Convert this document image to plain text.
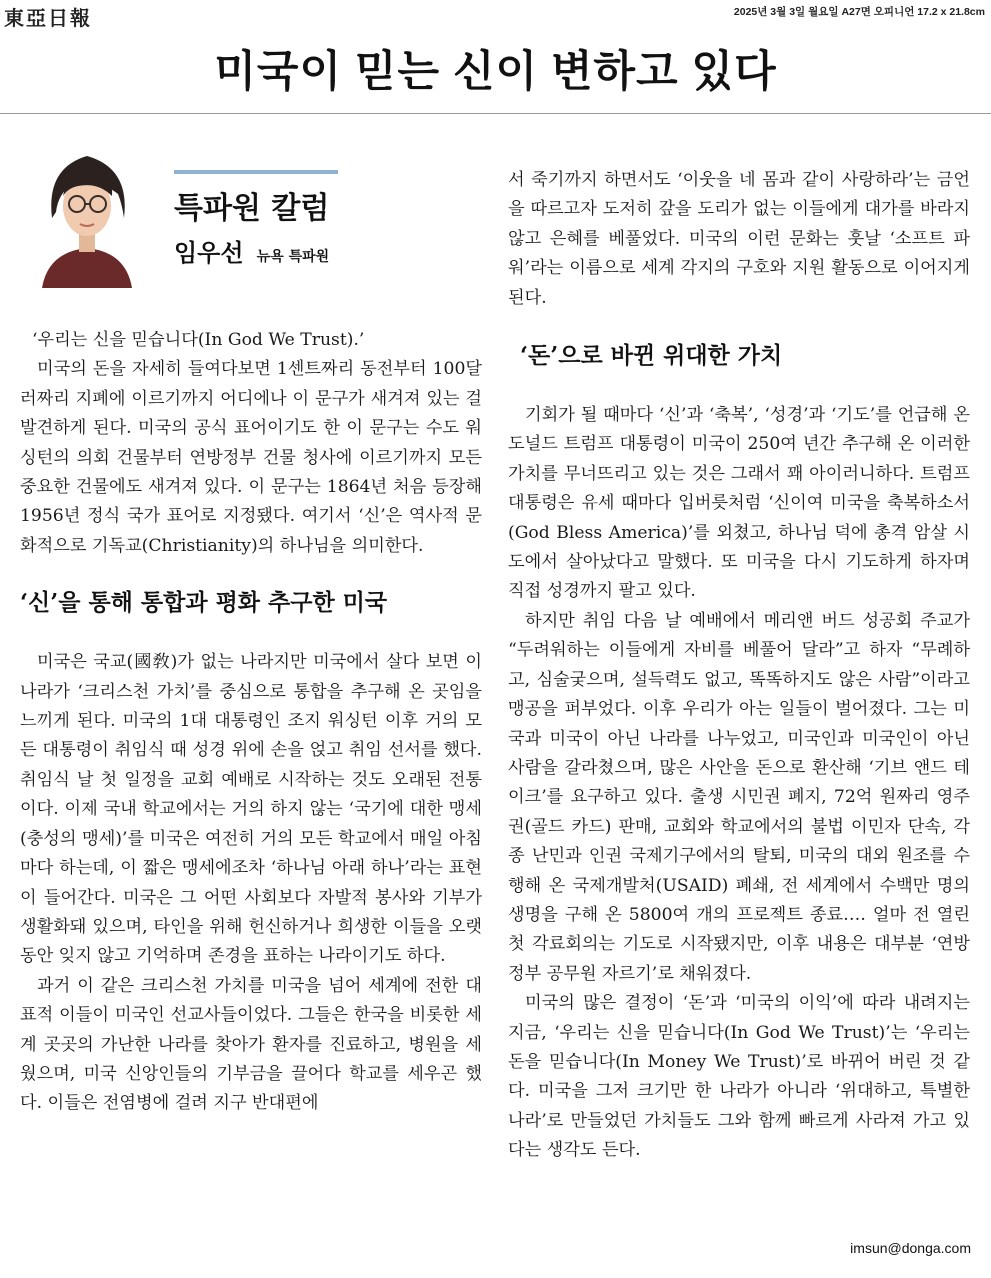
東亞日報	2025년 3월 3일 월요일 A27면 오피니언 17.2 x 21.8cm
미국이 믿는 신이 변하고 있다
특파원 칼럼
임우선 뉴욕 특파원

‘우리는 신을 믿습니다(In God We Trust).’

미국의 돈을 자세히 들여다보면 1센트짜리 동전부터 100달러짜리 지폐에 이르기까지 어디에나 이 문구가 새겨져 있는 걸 발견하게 된다. 미국의 공식 표어이기도 한 이 문구는 수도 워싱턴의 의회 건물부터 연방정부 건물 청사에 이르기까지 모든 중요한 건물에도 새겨져 있다. 이 문구는 1864년 처음 등장해 1956년 정식 국가 표어로 지정됐다. 여기서 ‘신’은 역사적 문화적으로 기독교(Christianity)의 하나님을 의미한다.

‘신’을 통해 통합과 평화 추구한 미국

미국은 국교(國敎)가 없는 나라지만 미국에서 살다 보면 이 나라가 ‘크리스천 가치’를 중심으로 통합을 추구해 온 곳임을 느끼게 된다. 미국의 1대 대통령인 조지 워싱턴 이후 거의 모든 대통령이 취임식 때 성경 위에 손을 얹고 취임 선서를 했다. 취임식 날 첫 일정을 교회 예배로 시작하는 것도 오래된 전통이다. 이제 국내 학교에서는 거의 하지 않는 ‘국기에 대한 맹세(충성의 맹세)’를 미국은 여전히 거의 모든 학교에서 매일 아침마다 하는데, 이 짧은 맹세에조차 ‘하나님 아래 하나’라는 표현이 들어간다. 미국은 그 어떤 사회보다 자발적 봉사와 기부가 생활화돼 있으며, 타인을 위해 헌신하거나 희생한 이들을 오랫동안 잊지 않고 기억하며 존경을 표하는 나라이기도 하다.

과거 이 같은 크리스천 가치를 미국을 넘어 세계에 전한 대표적 이들이 미국인 선교사들이었다. 그들은 한국을 비롯한 세계 곳곳의 가난한 나라를 찾아가 환자를 진료하고, 병원을 세웠으며, 미국 신앙인들의 기부금을 끌어다 학교를 세우곤 했다. 이들은 전염병에 걸려 지구 반대편에

서 죽기까지 하면서도 ‘이웃을 네 몸과 같이 사랑하라’는 금언을 따르고자 도저히 갚을 도리가 없는 이들에게 대가를 바라지 않고 은혜를 베풀었다. 미국의 이런 문화는 훗날 ‘소프트 파워’라는 이름으로 세계 각지의 구호와 지원 활동으로 이어지게 된다.

‘돈’으로 바뀐 위대한 가치

기회가 될 때마다 ‘신’과 ‘축복’, ‘성경’과 ‘기도’를 언급해 온 도널드 트럼프 대통령이 미국이 250여 년간 추구해 온 이러한 가치를 무너뜨리고 있는 것은 그래서 꽤 아이러니하다. 트럼프 대통령은 유세 때마다 입버릇처럼 ‘신이여 미국을 축복하소서(God Bless America)’를 외쳤고, 하나님 덕에 총격 암살 시도에서 살아났다고 말했다. 또 미국을 다시 기도하게 하자며 직접 성경까지 팔고 있다.

하지만 취임 다음 날 예배에서 메리앤 버드 성공회 주교가 “두려워하는 이들에게 자비를 베풀어 달라”고 하자 “무례하고, 심술궂으며, 설득력도 없고, 똑똑하지도 않은 사람”이라고 맹공을 퍼부었다. 이후 우리가 아는 일들이 벌어졌다. 그는 미국과 미국이 아닌 나라를 나누었고, 미국인과 미국인이 아닌 사람을 갈라쳤으며, 많은 사안을 돈으로 환산해 ‘기브 앤드 테이크’를 요구하고 있다. 출생 시민권 폐지, 72억 원짜리 영주권(골드 카드) 판매, 교회와 학교에서의 불법 이민자 단속, 각종 난민과 인권 국제기구에서의 탈퇴, 미국의 대외 원조를 수행해 온 국제개발처(USAID) 폐쇄, 전 세계에서 수백만 명의 생명을 구해 온 5800여 개의 프로젝트 종료…. 얼마 전 열린 첫 각료회의는 기도로 시작됐지만, 이후 내용은 대부분 ‘연방 정부 공무원 자르기’로 채워졌다.

미국의 많은 결정이 ‘돈’과 ‘미국의 이익’에 따라 내려지는 지금, ‘우리는 신을 믿습니다(In God We Trust)’는 ‘우리는 돈을 믿습니다(In Money We Trust)’로 바뀌어 버린 것 같다. 미국을 그저 크기만 한 나라가 아니라 ‘위대하고, 특별한 나라’로 만들었던 가치들도 그와 함께 빠르게 사라져 가고 있다는 생각도 든다.

imsun@donga.com
